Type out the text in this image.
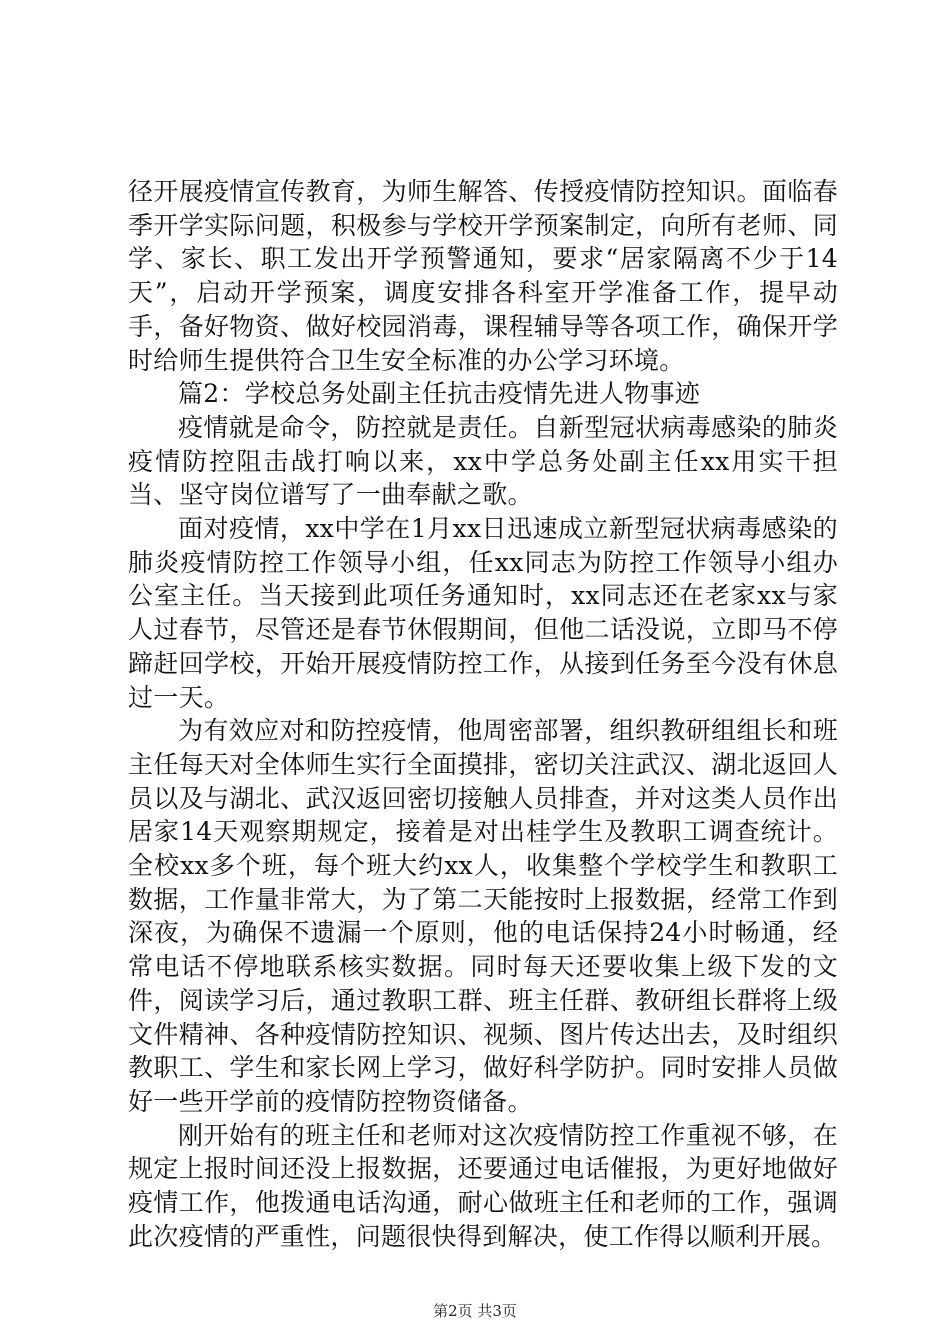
径开展疫情宣传教育，为师生解答、传授疫情防控知识。面临春季开学实际问题，积极参与学校开学预案制定，向所有老师、同学、家长、职工发出开学预警通知，要求“居家隔离不少于14天”，启动开学预案，调度安排各科室开学准备工作，提早动手，备好物资、做好校园消毒，课程辅导等各项工作，确保开学时给师生提供符合卫生安全标准的办公学习环境。

篇2：学校总务处副主任抗击疫情先进人物事迹

疫情就是命令，防控就是责任。自新型冠状病毒感染的肺炎疫情防控阻击战打响以来，xx中学总务处副主任xx用实干担当、坚守岗位谱写了一曲奉献之歌。

面对疫情，xx中学在1月xx日迅速成立新型冠状病毒感染的肺炎疫情防控工作领导小组，任xx同志为防控工作领导小组办公室主任。当天接到此项任务通知时，xx同志还在老家xx与家人过春节，尽管还是春节休假期间，但他二话没说，立即马不停蹄赶回学校，开始开展疫情防控工作，从接到任务至今没有休息过一天。

为有效应对和防控疫情，他周密部署，组织教研组组长和班主任每天对全体师生实行全面摸排，密切关注武汉、湖北返回人员以及与湖北、武汉返回密切接触人员排查，并对这类人员作出居家14天观察期规定，接着是对出桂学生及教职工调查统计。全校xx多个班，每个班大约xx人，收集整个学校学生和教职工数据，工作量非常大，为了第二天能按时上报数据，经常工作到深夜，为确保不遗漏一个原则，他的电话保持24小时畅通，经常电话不停地联系核实数据。同时每天还要收集上级下发的文件，阅读学习后，通过教职工群、班主任群、教研组长群将上级文件精神、各种疫情防控知识、视频、图片传达出去，及时组织教职工、学生和家长网上学习，做好科学防护。同时安排人员做好一些开学前的疫情防控物资储备。

刚开始有的班主任和老师对这次疫情防控工作重视不够，在规定上报时间还没上报数据，还要通过电话催报，为更好地做好疫情工作，他拨通电话沟通，耐心做班主任和老师的工作，强调此次疫情的严重性，问题很快得到解决，使工作得以顺利开展。

第2页 共3页
